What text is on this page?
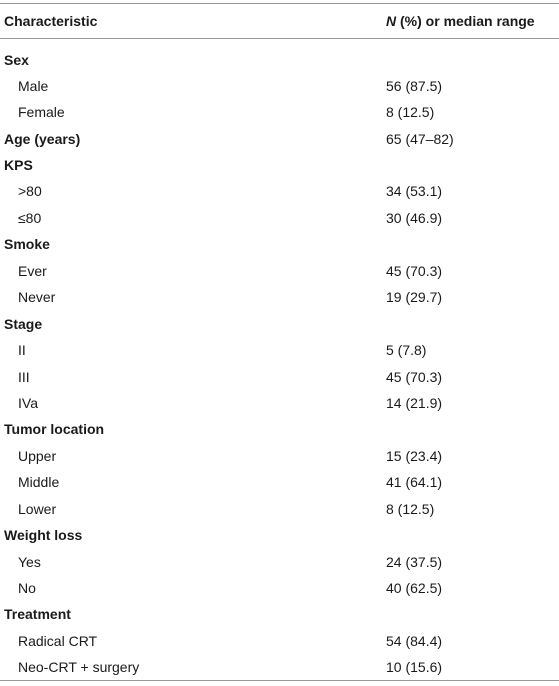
Characteristic	N (%) or median range
Sex	
Male	56 (87.5)
Female	8 (12.5)
Age (years)	65 (47–82)
KPS	
>80	34 (53.1)
≤80	30 (46.9)
Smoke	
Ever	45 (70.3)
Never	19 (29.7)
Stage	
II	5 (7.8)
III	45 (70.3)
IVa	14 (21.9)
Tumor location	
Upper	15 (23.4)
Middle	41 (64.1)
Lower	8 (12.5)
Weight loss	
Yes	24 (37.5)
No	40 (62.5)
Treatment	
Radical CRT	54 (84.4)
Neo-CRT + surgery	10 (15.6)
